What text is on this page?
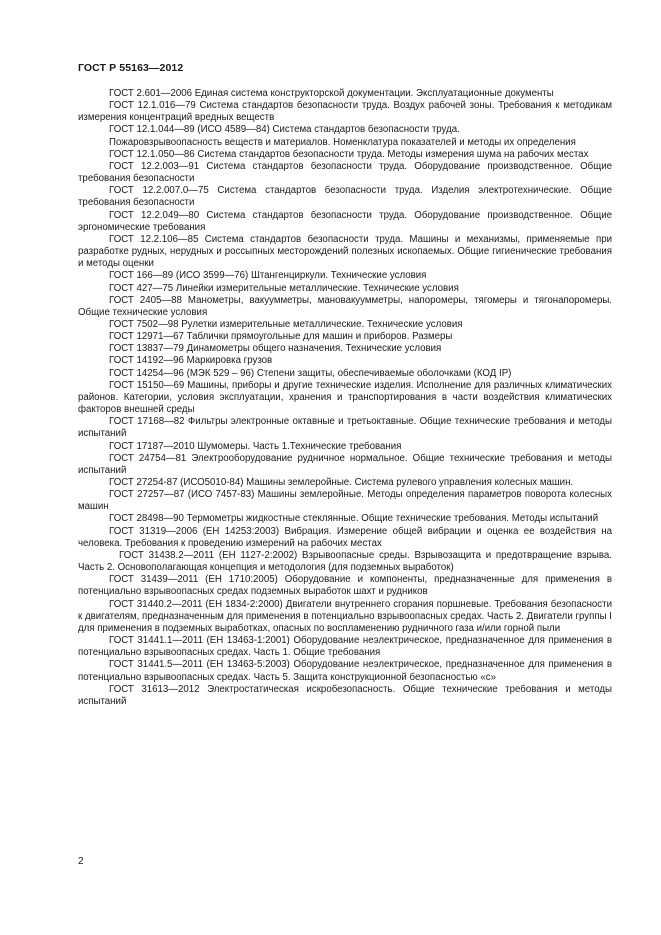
ГОСТ Р 55163—2012

ГОСТ 2.601—2006 Единая система конструкторской документации. Эксплуатационные документы

ГОСТ 12.1.016—79 Система стандартов безопасности труда. Воздух рабочей зоны. Требования к методикам измерения концентраций вредных веществ

ГОСТ 12.1.044—89 (ИСО 4589—84) Система стандартов безопасности труда.

Пожаровзрывоопасность веществ и материалов. Номенклатура показателей и методы их определения

ГОСТ 12.1.050—86 Система стандартов безопасности труда. Методы измерения шума на рабочих местах

ГОСТ 12.2.003—91 Система стандартов безопасности труда. Оборудование производственное. Общие требования безопасности

ГОСТ 12.2.007.0—75 Система стандартов безопасности труда. Изделия электротехнические. Общие требования безопасности

ГОСТ 12.2.049—80 Система стандартов безопасности труда. Оборудование производственное. Общие эргономические требования

ГОСТ 12.2.106—85 Система стандартов безопасности труда. Машины и механизмы, применяемые при разработке рудных, нерудных и россыпных месторождений полезных ископаемых. Общие гигиенические требования и методы оценки

ГОСТ 166—89 (ИСО 3599—76) Штангенциркули. Технические условия

ГОСТ 427—75 Линейки измерительные металлические. Технические условия

ГОСТ 2405—88 Манометры, вакуумметры, мановакуумметры, напоромеры, тягомеры и тягонапоромеры. Общие технические условия

ГОСТ 7502—98 Рулетки измерительные металлические. Технические условия

ГОСТ 12971—67 Таблички прямоугольные для машин и приборов. Размеры

ГОСТ 13837—79 Динамометры общего назначения. Технические условия

ГОСТ 14192—96 Маркировка грузов

ГОСТ 14254—96 (МЭК 529 – 96) Степени защиты, обеспечиваемые оболочками (КОД IP)

ГОСТ 15150—69 Машины, приборы и другие технические изделия. Исполнение для различных климатических районов. Категории, условия эксплуатации, хранения и транспортирования в части воздействия климатических факторов внешней среды

ГОСТ 17168—82 Фильтры электронные октавные и третьоктавные. Общие технические требования и методы испытаний

ГОСТ 17187—2010 Шумомеры. Часть 1.Технические требования

ГОСТ 24754—81 Электрооборудование рудничное нормальное. Общие технические требования и методы испытаний

ГОСТ 27254-87 (ИСО5010-84) Машины землеройные. Система рулевого управления колесных машин.

ГОСТ 27257—87 (ИСО 7457-83) Машины землеройные. Методы определения параметров поворота колесных машин

ГОСТ 28498—90 Термометры жидкостные стеклянные. Общие технические требования. Методы испытаний

ГОСТ 31319—2006 (ЕН 14253:2003) Вибрация. Измерение общей вибрации и оценка ее воздействия на человека. Требования к проведению измерений на рабочих местах

ГОСТ 31438.2—2011 (ЕН 1127-2:2002) Взрывоопасные среды. Взрывозащита и предотвращение взрыва. Часть 2. Основополагающая концепция и методология (для подземных выработок)

ГОСТ 31439—2011 (ЕН 1710:2005) Оборудование и компоненты, предназначенные для применения в потенциально взрывоопасных средах подземных выработок шахт и рудников

ГОСТ 31440.2—2011 (ЕН 1834-2:2000) Двигатели внутреннего сгорания поршневые. Требования безопасности к двигателям, предназначенным для применения в потенциально взрывоопасных средах. Часть 2. Двигатели группы I для применения в подземных выработках, опасных по воспламенению рудничного газа и/или горной пыли

ГОСТ 31441.1—2011 (ЕН 13463-1:2001) Оборудование неэлектрическое, предназначенное для применения в потенциально взрывоопасных средах. Часть 1. Общие требования

ГОСТ 31441.5—2011 (ЕН 13463-5:2003) Оборудование неэлектрическое, предназначенное для применения в потенциально взрывоопасных средах. Часть 5. Защита конструкционной безопасностью «с»

ГОСТ 31613—2012 Электростатическая искробезопасность. Общие технические требования и методы испытаний

2
